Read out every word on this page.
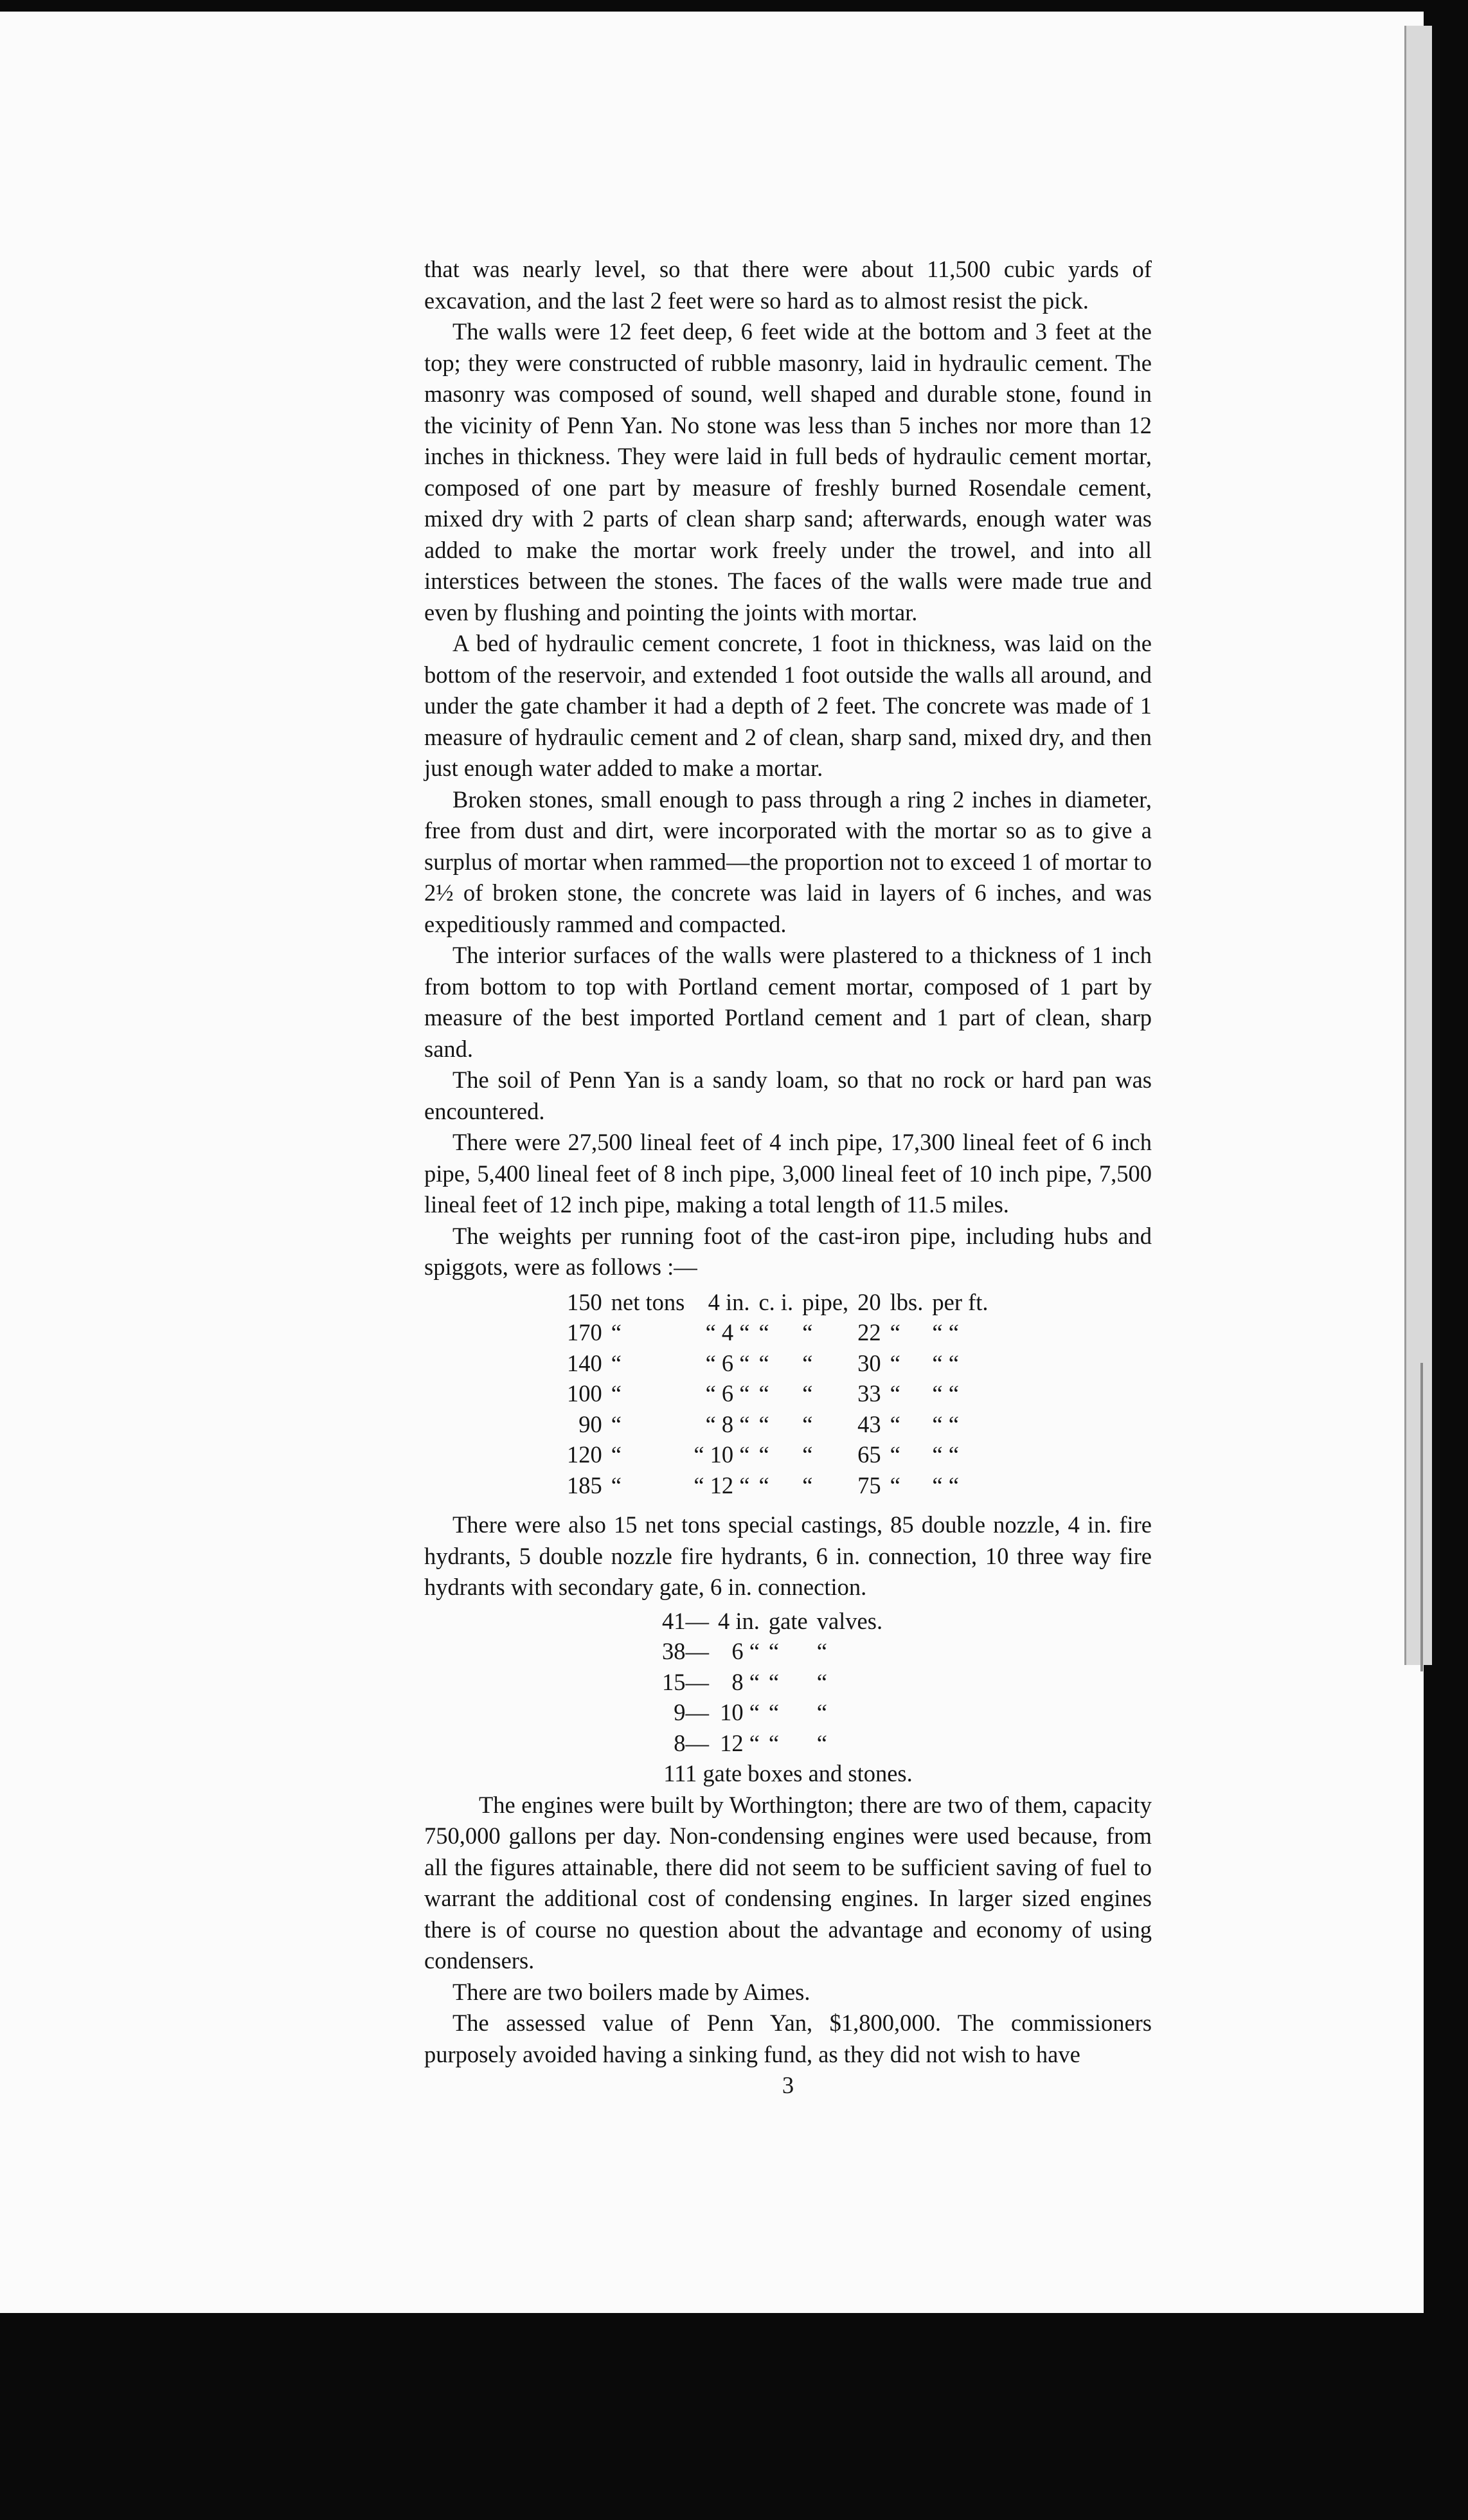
that was nearly level, so that there were about 11,500 cubic yards of excavation, and the last 2 feet were so hard as to almost resist the pick.

The walls were 12 feet deep, 6 feet wide at the bottom and 3 feet at the top; they were constructed of rubble masonry, laid in hydraulic cement. The masonry was composed of sound, well shaped and durable stone, found in the vicinity of Penn Yan. No stone was less than 5 inches nor more than 12 inches in thickness. They were laid in full beds of hydraulic cement mortar, composed of one part by measure of freshly burned Rosendale cement, mixed dry with 2 parts of clean sharp sand; afterwards, enough water was added to make the mortar work freely under the trowel, and into all interstices between the stones. The faces of the walls were made true and even by flushing and pointing the joints with mortar.

A bed of hydraulic cement concrete, 1 foot in thickness, was laid on the bottom of the reservoir, and extended 1 foot outside the walls all around, and under the gate chamber it had a depth of 2 feet. The concrete was made of 1 measure of hydraulic cement and 2 of clean, sharp sand, mixed dry, and then just enough water added to make a mortar.

Broken stones, small enough to pass through a ring 2 inches in diameter, free from dust and dirt, were incorporated with the mortar so as to give a surplus of mortar when rammed—the proportion not to exceed 1 of mortar to 2½ of broken stone, the concrete was laid in layers of 6 inches, and was expeditiously rammed and compacted.

The interior surfaces of the walls were plastered to a thickness of 1 inch from bottom to top with Portland cement mortar, composed of 1 part by measure of the best imported Portland cement and 1 part of clean, sharp sand.

The soil of Penn Yan is a sandy loam, so that no rock or hard pan was encountered.

There were 27,500 lineal feet of 4 inch pipe, 17,300 lineal feet of 6 inch pipe, 5,400 lineal feet of 8 inch pipe, 3,000 lineal feet of 10 inch pipe, 7,500 lineal feet of 12 inch pipe, making a total length of 11.5 miles.

The weights per running foot of the cast-iron pipe, including hubs and spiggots, were as follows :—

150	net tons	4 in.	c. i.	pipe,	20	lbs.	per ft.
170	“	“ 4 “	“	“	22	“	“ “
140	“	“ 6 “	“	“	30	“	“ “
100	“	“ 6 “	“	“	33	“	“ “
90	“	“ 8 “	“	“	43	“	“ “
120	“	“ 10 “	“	“	65	“	“ “
185	“	“ 12 “	“	“	75	“	“ “

There were also 15 net tons special castings, 85 double nozzle, 4 in. fire hydrants, 5 double nozzle fire hydrants, 6 in. connection, 10 three way fire hydrants with secondary gate, 6 in. connection.

41—	4 in.	gate	valves.
38—	6 “	“	“
15—	8 “	“	“
9—	10 “	“	“
8—	12 “	“	“

111 gate boxes and stones.

The engines were built by Worthington; there are two of them, capacity 750,000 gallons per day. Non-condensing engines were used because, from all the figures attainable, there did not seem to be sufficient saving of fuel to warrant the additional cost of condensing engines. In larger sized engines there is of course no question about the advantage and economy of using condensers.

There are two boilers made by Aimes.

The assessed value of Penn Yan, $1,800,000. The commissioners purposely avoided having a sinking fund, as they did not wish to have

3
